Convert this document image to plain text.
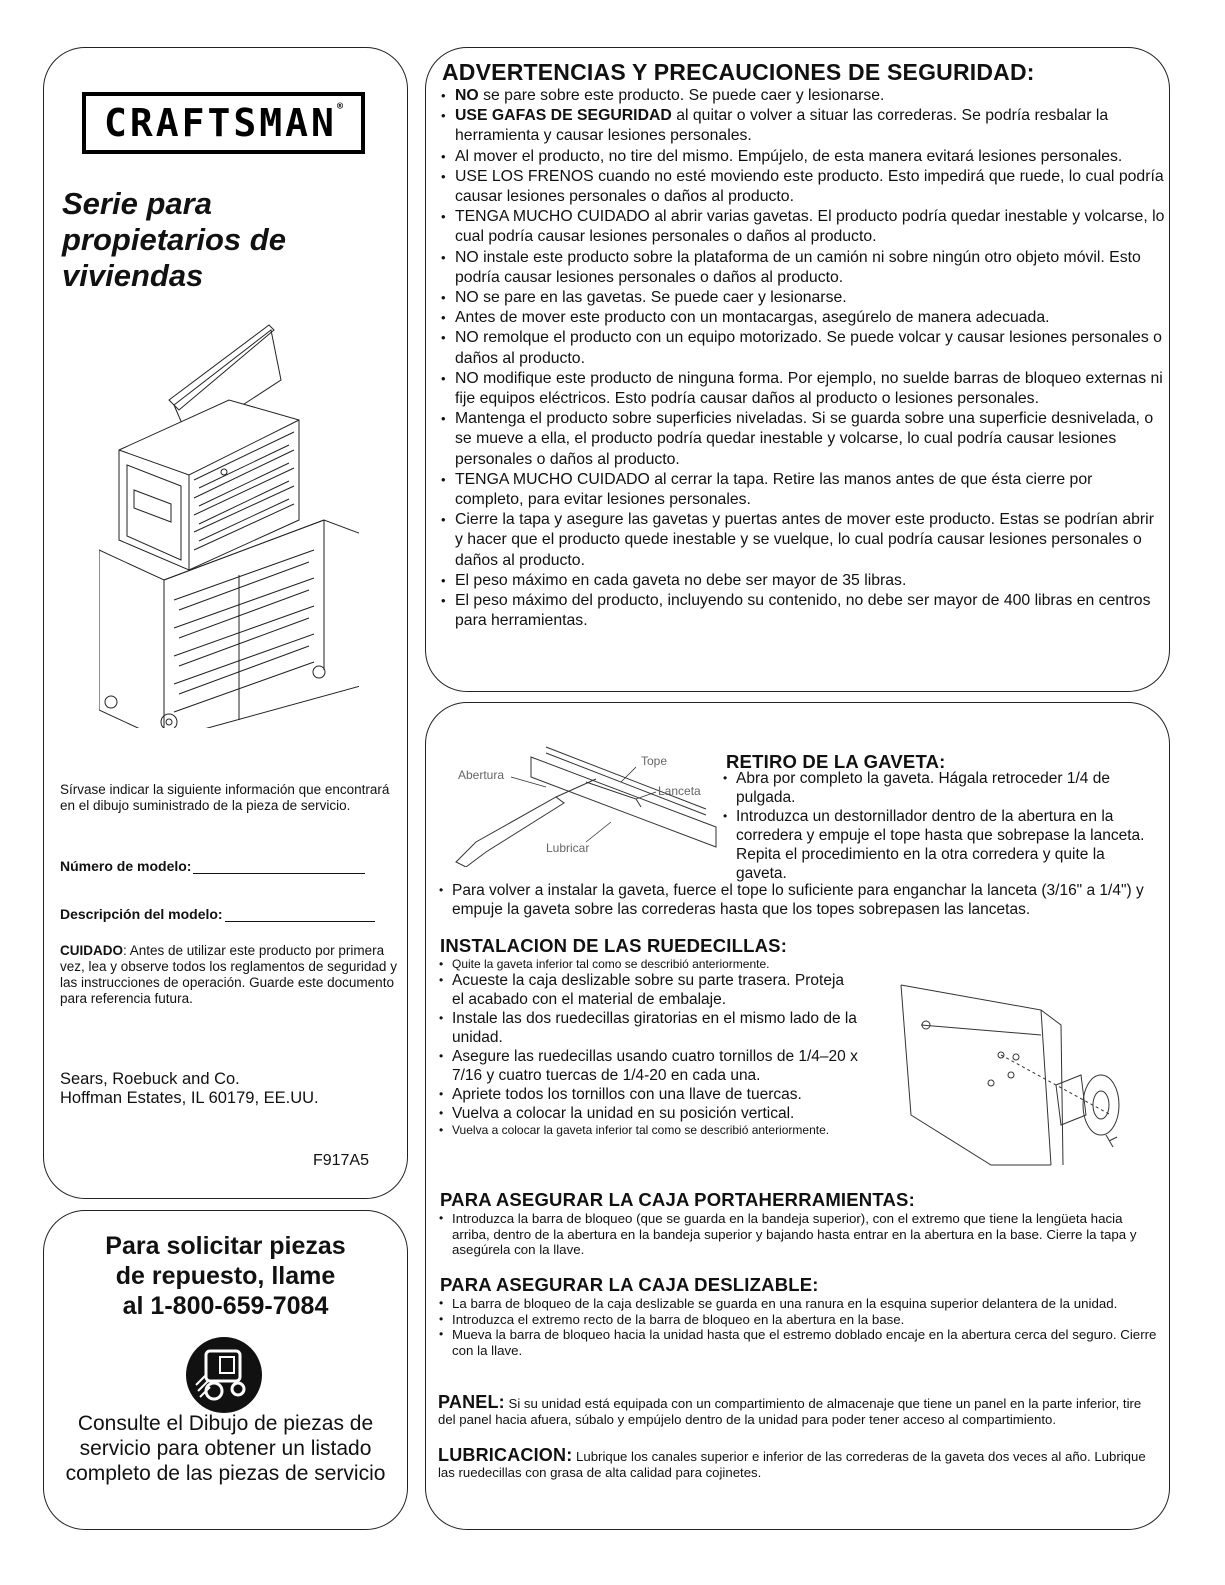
CRAFTSMAN ®
Serie para
propietarios de
viviendas
Sírvase indicar la siguiente información que encontrará en el dibujo suministrado de la pieza de servicio.
Número de modelo:
Descripción del modelo:
CUIDADO: Antes de utilizar este producto por primera vez, lea y observe todos los reglamentos de seguridad y las instrucciones de operación. Guarde este documento para referencia futura.
Sears, Roebuck and Co.
Hoffman Estates, IL 60179, EE.UU.
F917A5
Para solicitar piezas
de repuesto, llame
al 1-800-659-7084
Consulte el Dibujo de piezas de
servicio para obtener un listado
completo de las piezas de servicio
ADVERTENCIAS Y PRECAUCIONES DE SEGURIDAD:
• NO se pare sobre este producto. Se puede caer y lesionarse.
• USE GAFAS DE SEGURIDAD al quitar o volver a situar las correderas. Se podría resbalar la herramienta y causar lesiones personales.
• Al mover el producto, no tire del mismo. Empújelo, de esta manera evitará lesiones personales.
• USE LOS FRENOS cuando no esté moviendo este producto. Esto impedirá que ruede, lo cual podría causar lesiones personales o daños al producto.
• TENGA MUCHO CUIDADO al abrir varias gavetas. El producto podría quedar inestable y volcarse, lo cual podría causar lesiones personales o daños al producto.
• NO instale este producto sobre la plataforma de un camión ni sobre ningún otro objeto móvil. Esto podría causar lesiones personales o daños al producto.
• NO se pare en las gavetas. Se puede caer y lesionarse.
• Antes de mover este producto con un montacargas, asegúrelo de manera adecuada.
• NO remolque el producto con un equipo motorizado. Se puede volcar y causar lesiones personales o daños al producto.
• NO modifique este producto de ninguna forma. Por ejemplo, no suelde barras de bloqueo externas ni fije equipos eléctricos. Esto podría causar daños al producto o lesiones personales.
• Mantenga el producto sobre superficies niveladas. Si se guarda sobre una superficie desnivelada, o se mueve a ella, el producto podría quedar inestable y volcarse, lo cual podría causar lesiones personales o daños al producto.
• TENGA MUCHO CUIDADO al cerrar la tapa. Retire las manos antes de que ésta cierre por completo, para evitar lesiones personales.
• Cierre la tapa y asegure las gavetas y puertas antes de mover este producto. Estas se podrían abrir y hacer que el producto quede inestable y se vuelque, lo cual podría causar lesiones personales o daños al producto.
• El peso máximo en cada gaveta no debe ser mayor de 35 libras.
• El peso máximo del producto, incluyendo su contenido, no debe ser mayor de 400 libras en centros para herramientas.
Tope
Abertura
Lanceta
Lubricar
RETIRO DE LA GAVETA:
• Abra por completo la gaveta. Hágala retroceder 1/4 de pulgada.
• Introduzca un destornillador dentro de la abertura en la corredera y empuje el tope hasta que sobrepase la lanceta. Repita el procedimiento en la otra corredera y quite la gaveta.
• Para volver a instalar la gaveta, fuerce el tope lo suficiente para enganchar la lanceta (3/16" a 1/4") y empuje la gaveta sobre las correderas hasta que los topes sobrepasen las lancetas.
INSTALACION DE LAS RUEDECILLAS:
• Quite la gaveta inferior tal como se describió anteriormente.
• Acueste la caja deslizable sobre su parte trasera. Proteja el acabado con el material de embalaje.
• Instale las dos ruedecillas giratorias en el mismo lado de la unidad.
• Asegure las ruedecillas usando cuatro tornillos de 1/4–20 x 7/16 y cuatro tuercas de 1/4-20 en cada una.
• Apriete todos los tornillos con una llave de tuercas.
• Vuelva a colocar la unidad en su posición vertical.
• Vuelva a colocar la gaveta inferior tal como se describió anteriormente.
PARA ASEGURAR LA CAJA PORTAHERRAMIENTAS:
• Introduzca la barra de bloqueo (que se guarda en la bandeja superior), con el extremo que tiene la lengüeta hacia arriba, dentro de la abertura en la bandeja superior y bajando hasta entrar en la abertura en la base. Cierre la tapa y asegúrela con la llave.
PARA ASEGURAR LA CAJA DESLIZABLE:
• La barra de bloqueo de la caja deslizable se guarda en una ranura en la esquina superior delantera de la unidad.
• Introduzca el extremo recto de la barra de bloqueo en la abertura en la base.
• Mueva la barra de bloqueo hacia la unidad hasta que el estremo doblado encaje en la abertura cerca del seguro. Cierre con la llave.
PANEL: Si su unidad está equipada con un compartimiento de almacenaje que tiene un panel en la parte inferior, tire del panel hacia afuera, súbalo y empújelo dentro de la unidad para poder tener acceso al compartimiento.
LUBRICACION: Lubrique los canales superior e inferior de las correderas de la gaveta dos veces al año. Lubrique las ruedecillas con grasa de alta calidad para cojinetes.
